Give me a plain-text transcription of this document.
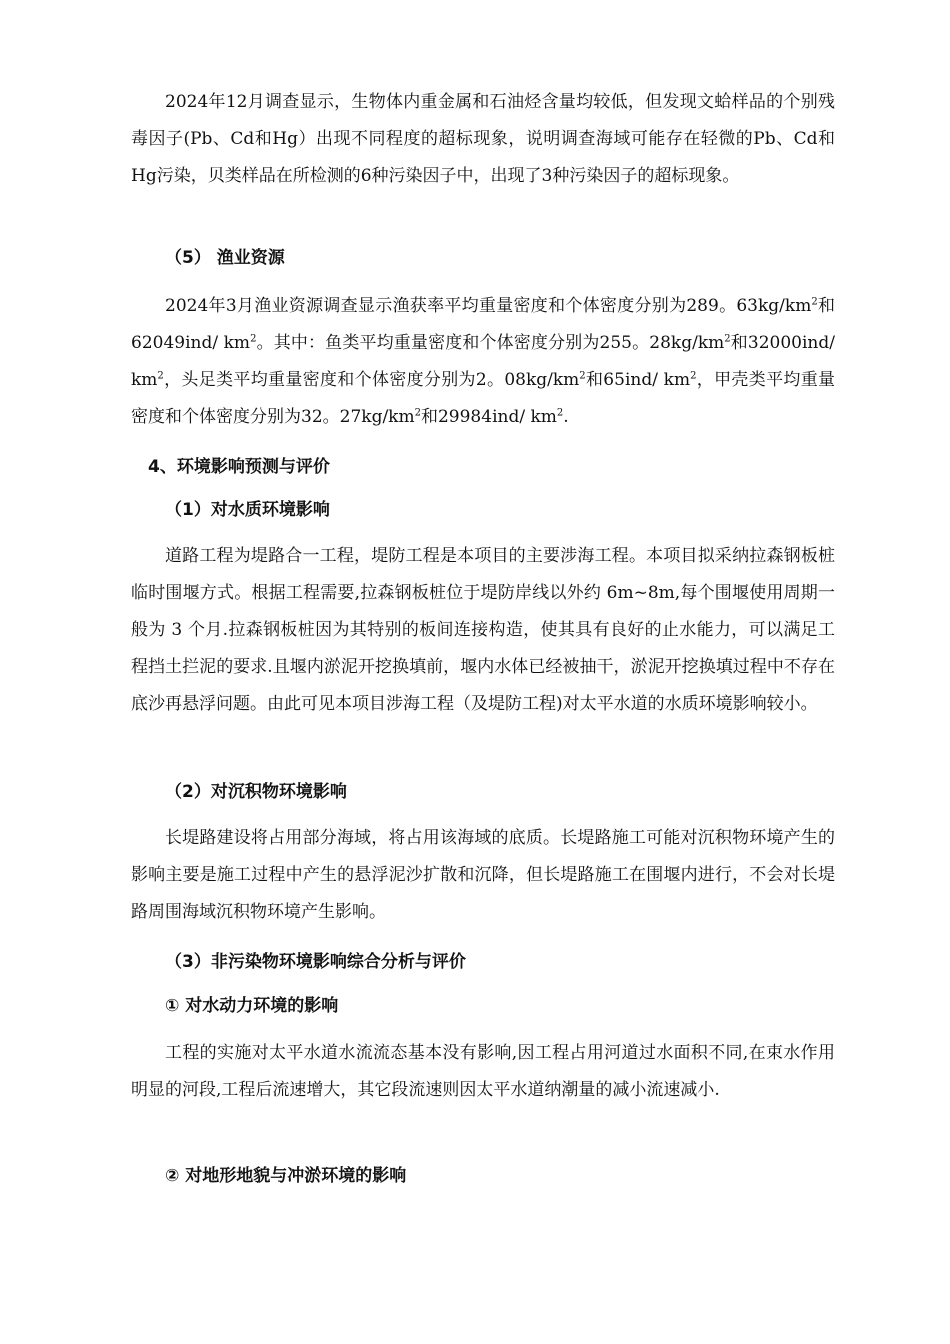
2024年12月调查显示，生物体内重金属和石油烃含量均较低，但发现文蛤样品的个别残毒因子(Pb、Cd和Hg）出现不同程度的超标现象，说明调查海域可能存在轻微的Pb、Cd和Hg污染，贝类样品在所检测的6种污染因子中，出现了3种污染因子的超标现象。

（5） 渔业资源

2024年3月渔业资源调查显示渔获率平均重量密度和个体密度分别为289。$63kg/km^2$和62049ind/ $km^2$。其中：鱼类平均重量密度和个体密度分别为255。$28kg/km^2$和32000ind/ $km^2$，头足类平均重量密度和个体密度分别为2。$08kg/km^2$和65ind/ $km^2$，甲壳类平均重量密度和个体密度分别为32。$27kg/km^2$和29984ind/ $km^2$.

4、环境影响预测与评价
（1）对水质环境影响

道路工程为堤路合一工程，堤防工程是本项目的主要涉海工程。本项目拟采纳拉森钢板桩临时围堰方式。根据工程需要,拉森钢板桩位于堤防岸线以外约 6m~8m,每个围堰使用周期一般为 3 个月.拉森钢板桩因为其特别的板间连接构造，使其具有良好的止水能力，可以满足工程挡土拦泥的要求.且堰内淤泥开挖换填前，堰内水体已经被抽干，淤泥开挖换填过程中不存在底沙再悬浮问题。由此可见本项目涉海工程（及堤防工程)对太平水道的水质环境影响较小。

（2）对沉积物环境影响

长堤路建设将占用部分海域，将占用该海域的底质。长堤路施工可能对沉积物环境产生的影响主要是施工过程中产生的悬浮泥沙扩散和沉降，但长堤路施工在围堰内进行，不会对长堤路周围海域沉积物环境产生影响。

（3）非污染物环境影响综合分析与评价
① 对水动力环境的影响

工程的实施对太平水道水流流态基本没有影响,因工程占用河道过水面积不同,在束水作用明显的河段,工程后流速增大，其它段流速则因太平水道纳潮量的减小流速减小.

② 对地形地貌与冲淤环境的影响
